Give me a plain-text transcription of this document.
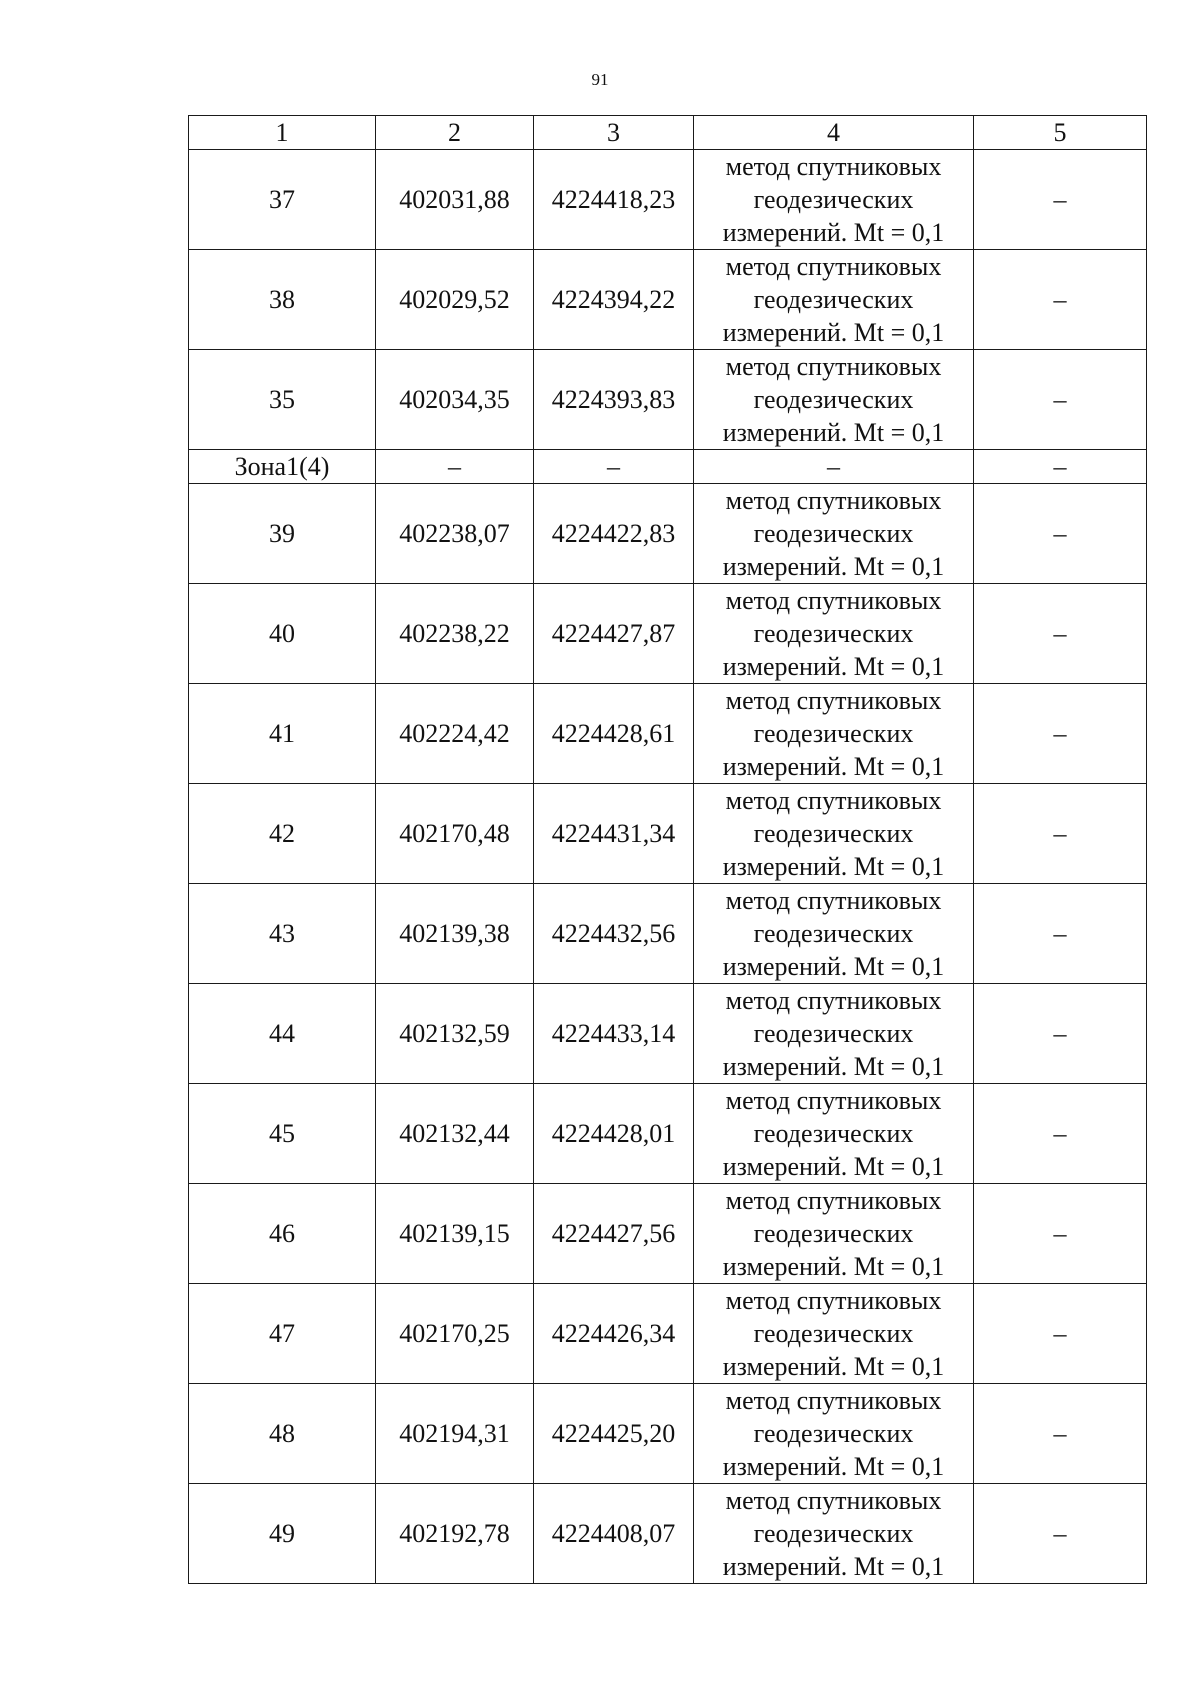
91
1	2	3	4	5
37	402031,88	4224418,23	метод спутниковых
геодезических
измерений. Mt = 0,1	–
38	402029,52	4224394,22	метод спутниковых
геодезических
измерений. Mt = 0,1	–
35	402034,35	4224393,83	метод спутниковых
геодезических
измерений. Mt = 0,1	–
Зона1(4)	–	–	–	–
39	402238,07	4224422,83	метод спутниковых
геодезических
измерений. Mt = 0,1	–
40	402238,22	4224427,87	метод спутниковых
геодезических
измерений. Mt = 0,1	–
41	402224,42	4224428,61	метод спутниковых
геодезических
измерений. Mt = 0,1	–
42	402170,48	4224431,34	метод спутниковых
геодезических
измерений. Mt = 0,1	–
43	402139,38	4224432,56	метод спутниковых
геодезических
измерений. Mt = 0,1	–
44	402132,59	4224433,14	метод спутниковых
геодезических
измерений. Mt = 0,1	–
45	402132,44	4224428,01	метод спутниковых
геодезических
измерений. Mt = 0,1	–
46	402139,15	4224427,56	метод спутниковых
геодезических
измерений. Mt = 0,1	–
47	402170,25	4224426,34	метод спутниковых
геодезических
измерений. Mt = 0,1	–
48	402194,31	4224425,20	метод спутниковых
геодезических
измерений. Mt = 0,1	–
49	402192,78	4224408,07	метод спутниковых
геодезических
измерений. Mt = 0,1	–
